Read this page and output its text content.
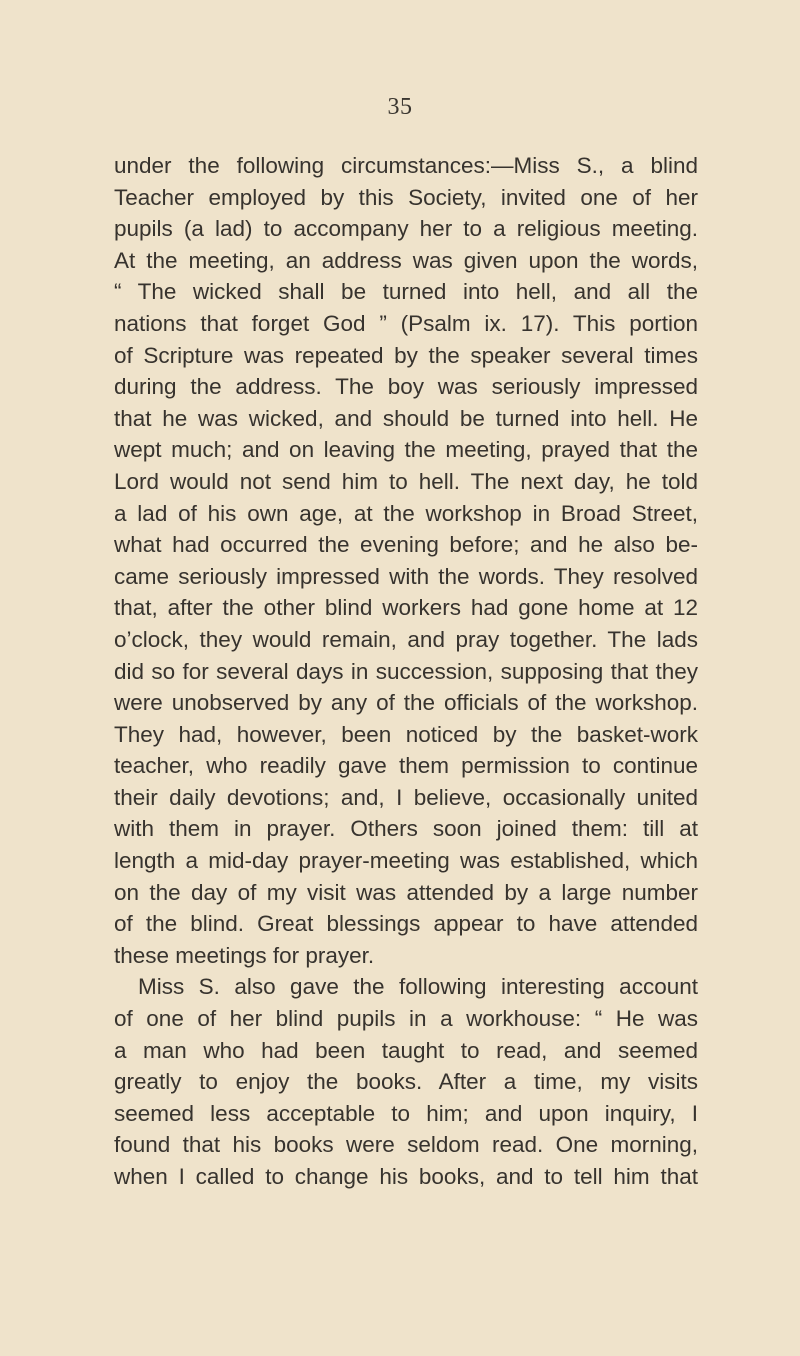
35
under the following circumstances:—Miss S., a blind
Teacher employed by this Society, invited one of her
pupils (a lad) to accompany her to a religious meeting.
At the meeting, an address was given upon the words,
“ The wicked shall be turned into hell, and all the
nations that forget God ” (Psalm ix. 17). This portion
of Scripture was repeated by the speaker several times
during the address. The boy was seriously impressed
that he was wicked, and should be turned into hell. He
wept much; and on leaving the meeting, prayed that the
Lord would not send him to hell. The next day, he told
a lad of his own age, at the workshop in Broad Street,
what had occurred the evening before; and he also be-
came seriously impressed with the words. They resolved
that, after the other blind workers had gone home at 12
o’clock, they would remain, and pray together. The lads
did so for several days in succession, supposing that they
were unobserved by any of the officials of the workshop.
They had, however, been noticed by the basket-work
teacher, who readily gave them permission to continue
their daily devotions; and, I believe, occasionally united
with them in prayer. Others soon joined them: till at
length a mid-day prayer-meeting was established, which
on the day of my visit was attended by a large number
of the blind. Great blessings appear to have attended
these meetings for prayer.
Miss S. also gave the following interesting account
of one of her blind pupils in a workhouse: “ He was
a man who had been taught to read, and seemed
greatly to enjoy the books. After a time, my visits
seemed less acceptable to him; and upon inquiry, I
found that his books were seldom read. One morning,
when I called to change his books, and to tell him that
